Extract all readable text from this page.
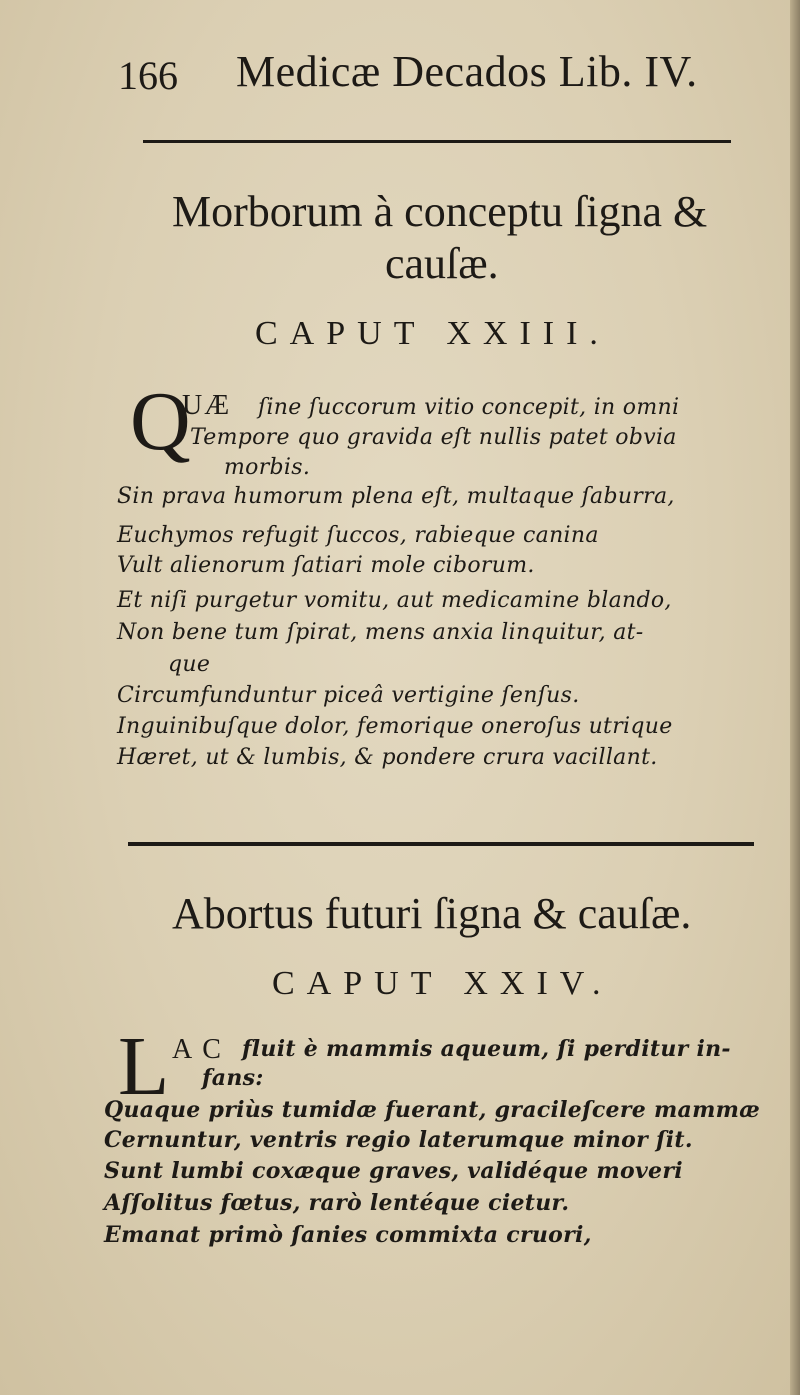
166 Medicæ Decados Lib. IV.
Morborum à conceptu ſigna &
cauſæ.
CAPUT XXIII.
Q
UÆ ſine ſuccorum vitio concepit, in omni
Tempore quo gravida eſt nullis patet obvia
morbis.
Sin prava humorum plena eſt, multaque ſaburra,
Euchymos refugit ſuccos, rabieque canina
Vult alienorum ſatiari mole ciborum.
Et niſi purgetur vomitu, aut medicamine blando,
Non bene tum ſpirat, mens anxia linquitur, at-
que
Circumfunduntur piceâ vertigine ſenſus.
Inguinibuſque dolor, femorique oneroſus utrique
Hæret, ut & lumbis, & pondere crura vacillant.
Abortus futuri ſigna & cauſæ.
CAPUT XXIV.
L AC fluit è mammis aqueum, ſi perditur in-
fans:
Quaque priùs tumidæ fuerant, gracileſcere mammæ
Cernuntur, ventris regio laterumque minor ſit.
Sunt lumbi coxæque graves, validéque moveri
Aſſolitus fœtus, rarò lentéque cietur.
Emanat primò ſanies commixta cruori,
